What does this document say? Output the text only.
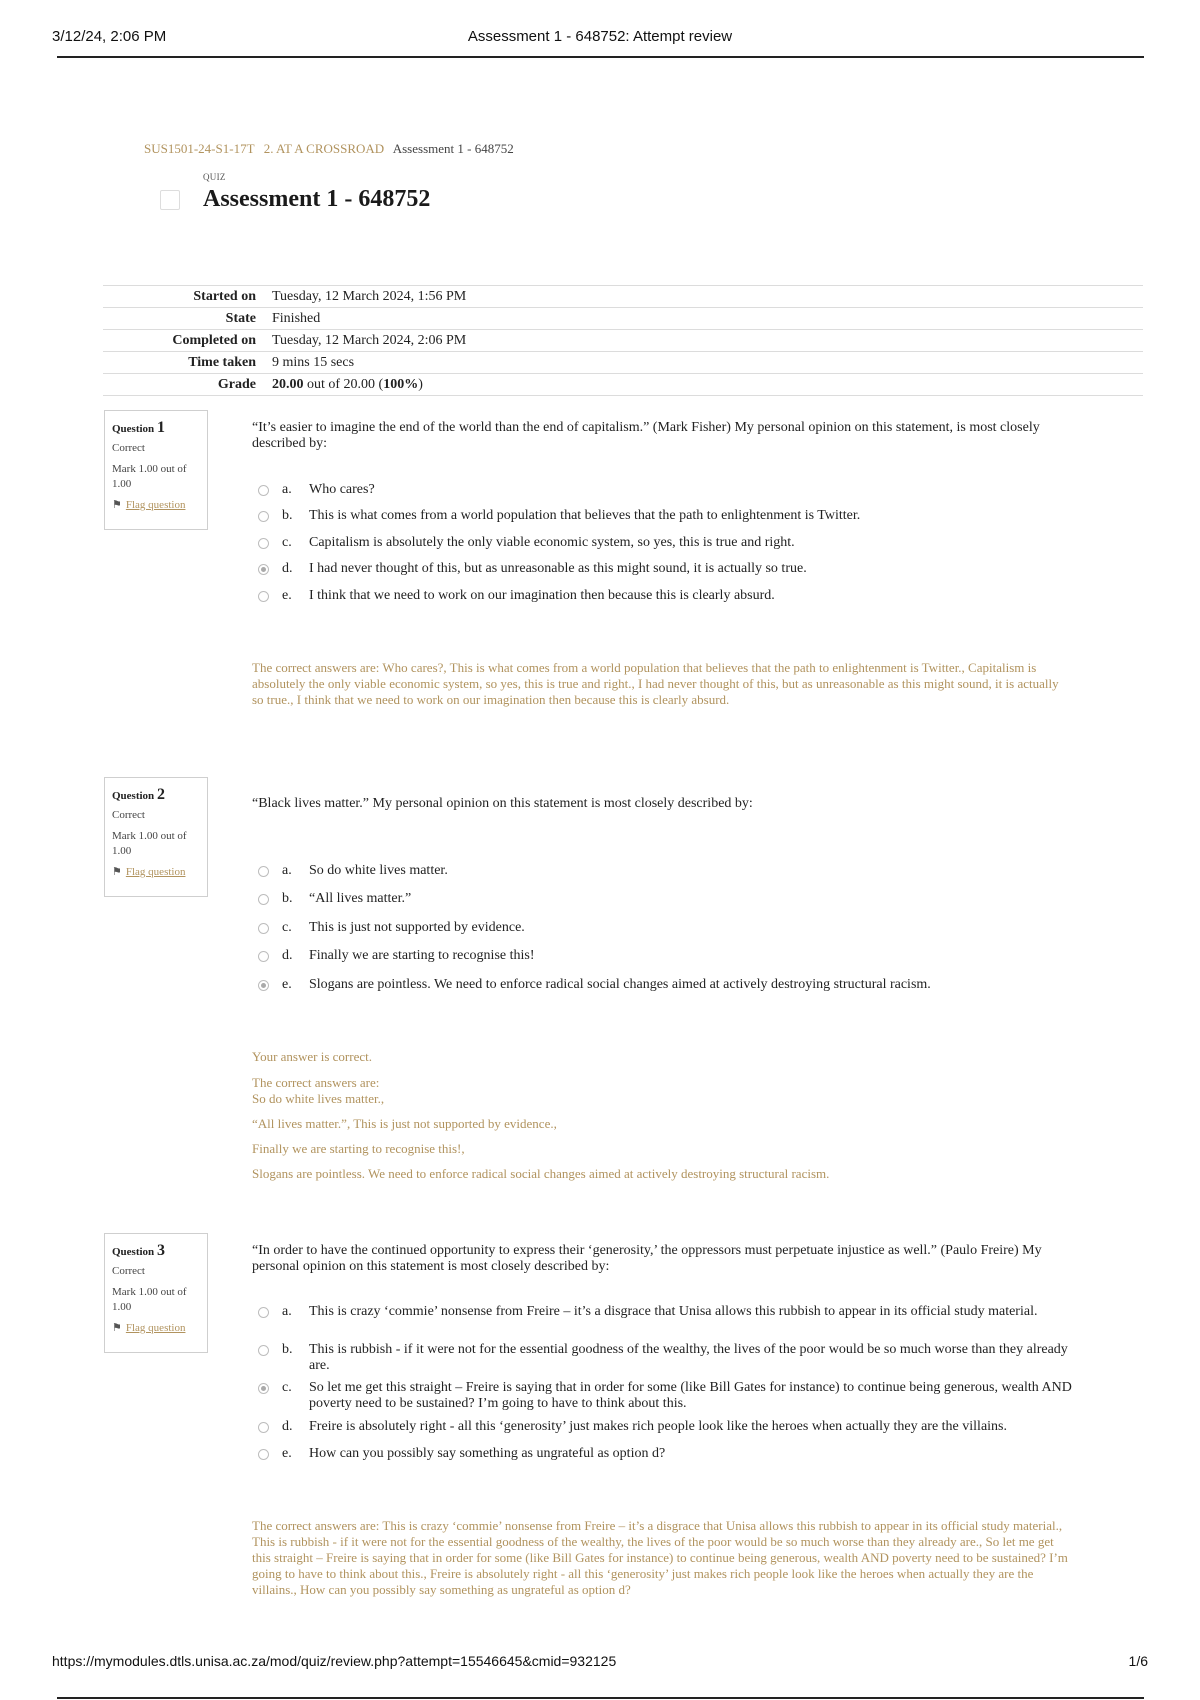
3/12/24, 2:06 PM	Assessment 1 - 648752: Attempt review
SUS1501-24-S1-17T 2. AT A CROSSROAD Assessment 1 - 648752
QUIZ
Assessment 1 - 648752
Started on	Tuesday, 12 March 2024, 1:56 PM
State	Finished
Completed on	Tuesday, 12 March 2024, 2:06 PM
Time taken	9 mins 15 secs
Grade	20.00 out of 20.00 (100%)
Question 1
Correct
Mark 1.00 out of 1.00
⚑ Flag question
“It’s easier to imagine the end of the world than the end of capitalism.” (Mark Fisher) My personal opinion on this statement, is most closely described by:
a. Who cares?
b. This is what comes from a world population that believes that the path to enlightenment is Twitter.
c. Capitalism is absolutely the only viable economic system, so yes, this is true and right.
d. I had never thought of this, but as unreasonable as this might sound, it is actually so true.
e. I think that we need to work on our imagination then because this is clearly absurd.
The correct answers are: Who cares?, This is what comes from a world population that believes that the path to enlightenment is Twitter., Capitalism is absolutely the only viable economic system, so yes, this is true and right., I had never thought of this, but as unreasonable as this might sound, it is actually so true., I think that we need to work on our imagination then because this is clearly absurd.
Question 2
Correct
Mark 1.00 out of 1.00
⚑ Flag question
“Black lives matter.” My personal opinion on this statement is most closely described by:
a. So do white lives matter.
b. “All lives matter.”
c. This is just not supported by evidence.
d. Finally we are starting to recognise this!
e. Slogans are pointless. We need to enforce radical social changes aimed at actively destroying structural racism.
Your answer is correct.
The correct answers are:
So do white lives matter.,
“All lives matter.”, This is just not supported by evidence.,
Finally we are starting to recognise this!,
Slogans are pointless. We need to enforce radical social changes aimed at actively destroying structural racism.
Question 3
Correct
Mark 1.00 out of 1.00
⚑ Flag question
“In order to have the continued opportunity to express their ‘generosity,’ the oppressors must perpetuate injustice as well.” (Paulo Freire) My personal opinion on this statement is most closely described by:
a. This is crazy ‘commie’ nonsense from Freire – it’s a disgrace that Unisa allows this rubbish to appear in its official study material.
b. This is rubbish - if it were not for the essential goodness of the wealthy, the lives of the poor would be so much worse than they already are.
c. So let me get this straight – Freire is saying that in order for some (like Bill Gates for instance) to continue being generous, wealth AND poverty need to be sustained? I’m going to have to think about this.
d. Freire is absolutely right - all this ‘generosity’ just makes rich people look like the heroes when actually they are the villains.
e. How can you possibly say something as ungrateful as option d?
The correct answers are: This is crazy ‘commie’ nonsense from Freire – it’s a disgrace that Unisa allows this rubbish to appear in its official study material., This is rubbish - if it were not for the essential goodness of the wealthy, the lives of the poor would be so much worse than they already are., So let me get this straight – Freire is saying that in order for some (like Bill Gates for instance) to continue being generous, wealth AND poverty need to be sustained? I’m going to have to think about this., Freire is absolutely right - all this ‘generosity’ just makes rich people look like the heroes when actually they are the villains., How can you possibly say something as ungrateful as option d?
https://mymodules.dtls.unisa.ac.za/mod/quiz/review.php?attempt=15546645&cmid=932125	1/6
